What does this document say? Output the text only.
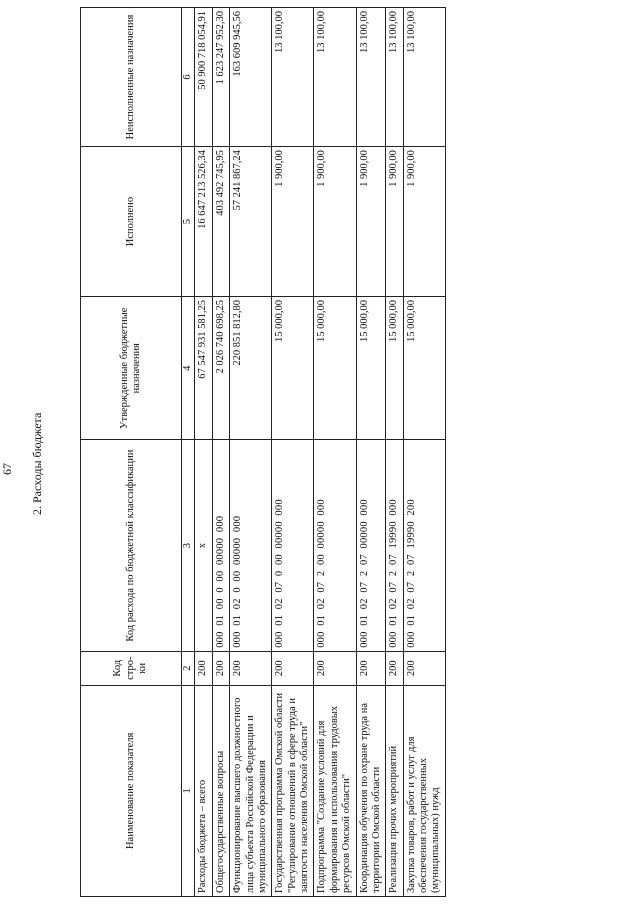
67 2. Расходы бюджета
Наименование показателя	Код стро- ки	Код расхода по бюджетной классификации	Утвержденные бюджетные назначения	Исполнено	Неисполненные назначения
1	2	3	4	5	6
Расходы бюджета – всего	200	x	67 547 931 581,25	16 647 213 526,34	50 900 718 054,91
Общегосударственные вопросы	200	000  01  00  0  00  00000  000	2 026 740 698,25	403 492 745,95	1 623 247 952,30
Функционирование высшего должностного лица субъекта Российской Федерации и муниципального образования	200	000  01  02  0  00  00000  000	220 851 812,80	57 241 867,24	163 609 945,56
Государственная программа Омской области "Регулирование отношений в сфере труда и занятости населения Омской области"	200	000  01  02  07  0  00  00000  000	15 000,00	1 900,00	13 100,00
Подпрограмма "Создание условий для формирования и использования трудовых ресурсов Омской области"	200	000  01  02  07  2  00  00000  000	15 000,00	1 900,00	13 100,00
Координация обучения по охране труда на территории Омской области	200	000  01  02  07  2  07  00000  000	15 000,00	1 900,00	13 100,00
Реализация прочих мероприятий	200	000  01  02  07  2  07  19990  000	15 000,00	1 900,00	13 100,00
Закупка товаров, работ и услуг для обеспечения государственных (муниципальных) нужд	200	000  01  02  07  2  07  19990  200	15 000,00	1 900,00	13 100,00
